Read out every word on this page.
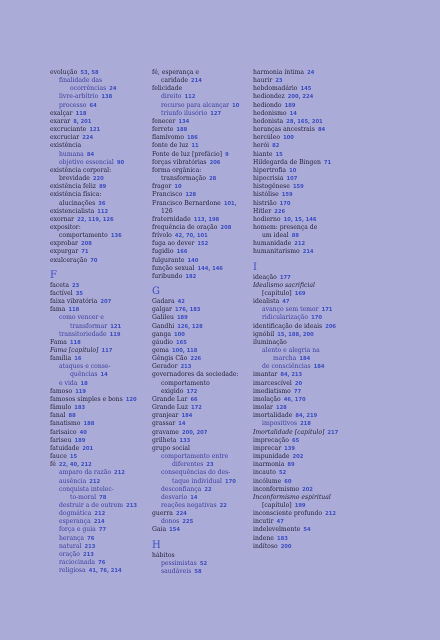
evolução  53, 58
finalidade das
ocorrências  24
livre-arbítrio  138
processo  64
exalçar  118
exarar  8, 201
excruciante  121
excruciar  224
existência
humana  84
objetivo essencial  90
existência corporal:
brevidade  220
existência feliz  89
existência física:
alucinações  36
existencialista  112
exornar  22, 119, 126
expositor:
comportamento  136
exprobar  208
expurgar  71
exulceração  70
F
faceta  23
factível  35
faixa vibratória  207
fama  118
como vencer e
transformar  121
transitoriedade  119
Fama  118
Fama [capítulo]  117
família  16
ataques e conse-
quências  14
e vida  18
famoso  119
famosos simples e bons  120
fâmulo  183
fanal  88
fanatismo  188
farisaico  40
fariseu  189
fatuidade  201
fauce  15
fé  22, 40, 212
amparo da razão  212
ausência  212
conquista intelec-
to-moral  78
destruir a de outrem  213
dogmática  212
esperança  214
força e guia  77
herança  76
natural  213
oração  213
raciocinada  76
religiosa  41, 76, 214
fé, esperança e
caridade  214
felicidade
direito  112
recurso para alcançar  10
triunfo ilusório  127
fenecer  134
ferrete  188
flamívomo  186
fonte de luz  11
Fonte de luz [prefácio]  9
forças vibratórias  206
forma orgânica:
transformação  28
fragor  10
Francisco  128
Francisco Bernardone  101,
126
fraternidade  113, 198
frequência de oração  208
frívolo  42, 70, 101
fuga ao dever  152
fugidio  166
fulgurante  140
função sexual  144, 146
furibundo  182
G
Gadara  42
galgar  176, 183
Galileu  189
Gandhi  126, 128
ganga  100
gáudio  165
gema  100, 118
Gêngis Cão  226
Gerador  213
governadores da sociedade:
comportamento
exigido  172
Grande Lar  66
Grande Luz  172
granjear  184
grassar  14
gravame  200, 207
grilheta  133
grupo social
comportamento entre
diferentes  23
consequências do des-
taque individual  170
desconfiança  22
desvario  14
reações negativas  22
guerra  224
donos  225
Gaia  154
H
hábitos
pessimistas  52
saudáveis  58
harmonia íntima  24
haurir  23
hebdomadário  145
hediondez  200, 224
hediondo  189
hedonismo  14
hedonista  28, 165, 201
heranças ancestrais  84
hercúleo  100
herói  82
hiante  15
Hildegarda de Bingen  71
hipertrofia  10
hipocrisia  107
histogênese  159
histólise  159
histrião  170
Hitler  226
hodierno  10, 15, 146
homem: presença de
um ideal  88
humanidade  212
humanitarismo  214
I
ideação  177
Idealismo sacrificial
[capítulo]  169
idealista  47
avanço sem temor  171
ridicularização  170
identificação de ideais  206
ignóbil  15, 188, 200
iluminação
alento e alegria na
marcha  184
de consciências  184
imantar  84, 213
imarcescível  20
imediatismo  77
imolação  46, 170
imolar  128
imortalidade  84, 219
impositivos  218
Imortalidade [capítulo]  217
imprecação  65
imprecar  139
impunidade  202
inarmonia  89
incauto  52
incólume  60
inconformismo  202
Inconformismo espiritual
[capítulo]  199
inconsciente profundo  212
incutir  47
indelevelmente  54
indene  183
indítoso  200
